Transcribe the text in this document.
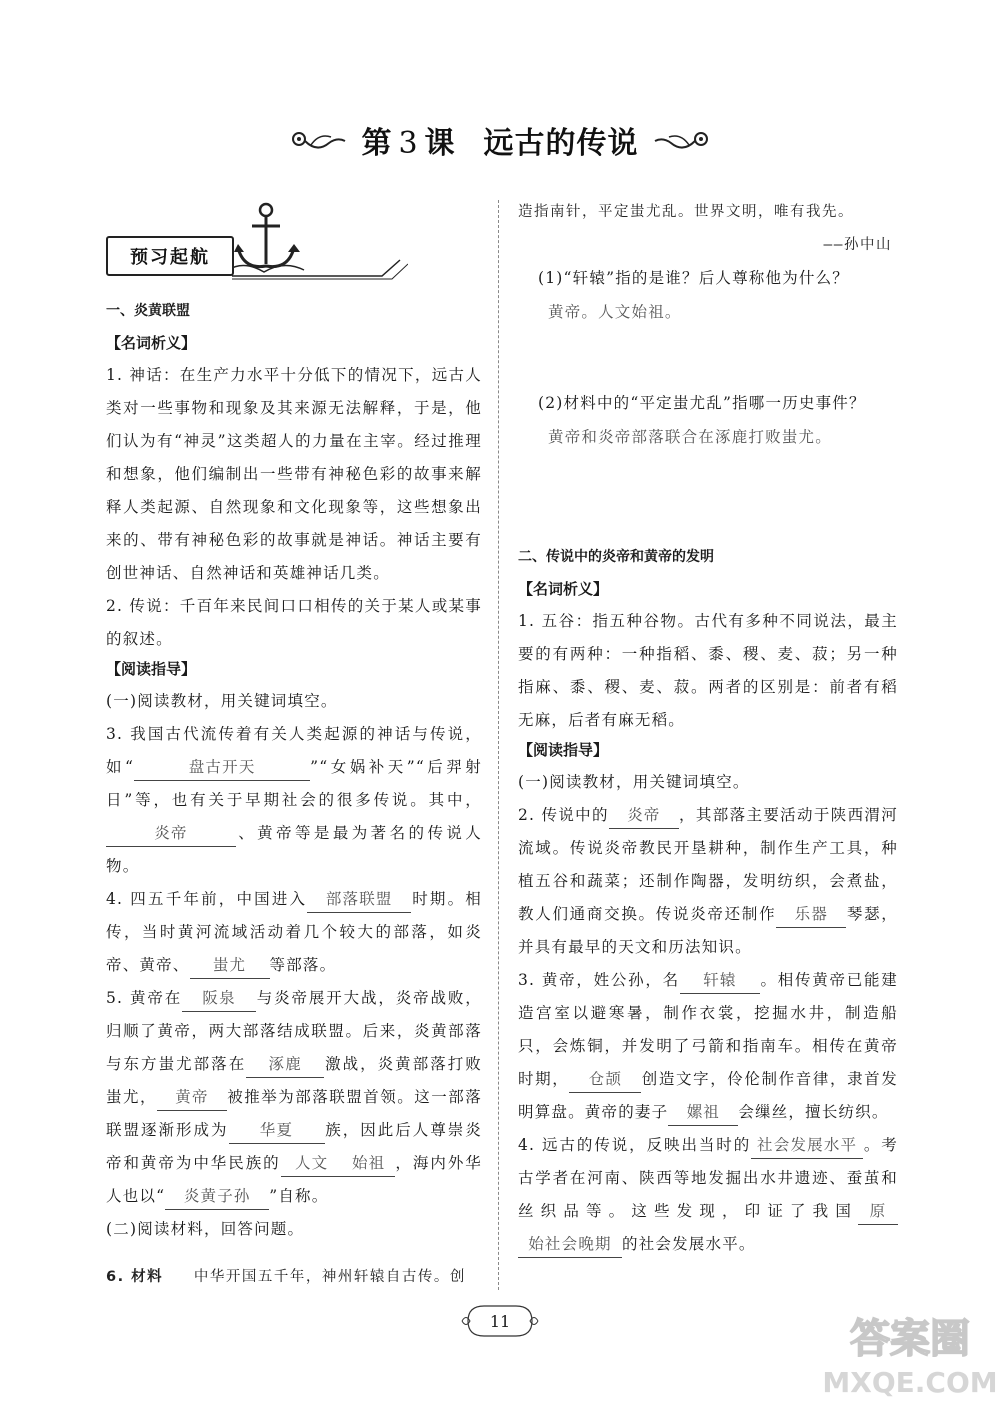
第 3 课 远古的传说
预习起航
一、炎黄联盟
【名词析义】

1. 神话：在生产力水平十分低下的情况下，远古人类对一些事物和现象及其来源无法解释，于是，他们认为有“神灵”这类超人的力量在主宰。经过推理和想象，他们编制出一些带有神秘色彩的故事来解释人类起源、自然现象和文化现象等，这些想象出来的、带有神秘色彩的故事就是神话。神话主要有创世神话、自然神话和英雄神话几类。

2. 传说：千百年来民间口口相传的关于某人或某事的叙述。

【阅读指导】

(一)阅读教材，用关键词填空。

3. 我国古代流传着有关人类起源的神话与传说，如“	盘古开天	”“女娲补天”“后羿射日”等，也有关于早期社会的很多传说。其中，炎帝	、黄帝等是最为著名的传说人物。

4. 四五千年前，中国进入 部落联盟 时期。相传，当时黄河流域活动着几个较大的部落，如炎帝、黄帝、 蚩尤 等部落。

5. 黄帝在 阪泉 与炎帝展开大战，炎帝战败，归顺了黄帝，两大部落结成联盟。后来，炎黄部落与东方蚩尤部落在 涿鹿 激战，炎黄部落打败蚩尤， 黄帝 被推举为部落联盟首领。这一部落联盟逐渐形成为 华夏 族，因此后人尊崇炎帝和黄帝为中华民族的 人文 始祖 ，海内外华人也以“ 炎黄子孙 ”自称。

(二)阅读材料，回答问题。

6. 材料 中华开国五千年，神州轩辕自古传。创

造指南针，平定蚩尤乱。世界文明，唯有我先。
——孙中山

(1)“轩辕”指的是谁？后人尊称他为什么？

黄帝。人文始祖。

(2)材料中的“平定蚩尤乱”指哪一历史事件？

黄帝和炎帝部落联合在涿鹿打败蚩尤。
二、传说中的炎帝和黄帝的发明
【名词析义】

1. 五谷：指五种谷物。古代有多种不同说法，最主要的有两种：一种指稻、黍、稷、麦、菽；另一种指麻、黍、稷、麦、菽。两者的区别是：前者有稻无麻，后者有麻无稻。

【阅读指导】

(一)阅读教材，用关键词填空。

2. 传说中的 炎帝 ，其部落主要活动于陕西渭河流域。传说炎帝教民开垦耕种，制作生产工具，种植五谷和蔬菜；还制作陶器，发明纺织，会煮盐，教人们通商交换。传说炎帝还制作 乐器 琴瑟，并具有最早的天文和历法知识。

3. 黄帝，姓公孙，名 轩辕 。相传黄帝已能建造宫室以避寒暑，制作衣裳，挖掘水井，制造船只，会炼铜，并发明了弓箭和指南车。相传在黄帝时期， 仓颉 创造文字，伶伦制作音律，隶首发明算盘。黄帝的妻子 嫘祖 会缫丝，擅长纺织。

4. 远古的传说，反映出当时的 社会发展水平 。考古学者在河南、陕西等地发掘出水井遗迹、蚕茧和丝织品等。这些发现，印证了我国 原始社会晚期 的社会发展水平。

11	答案圈
MXQE.COM
